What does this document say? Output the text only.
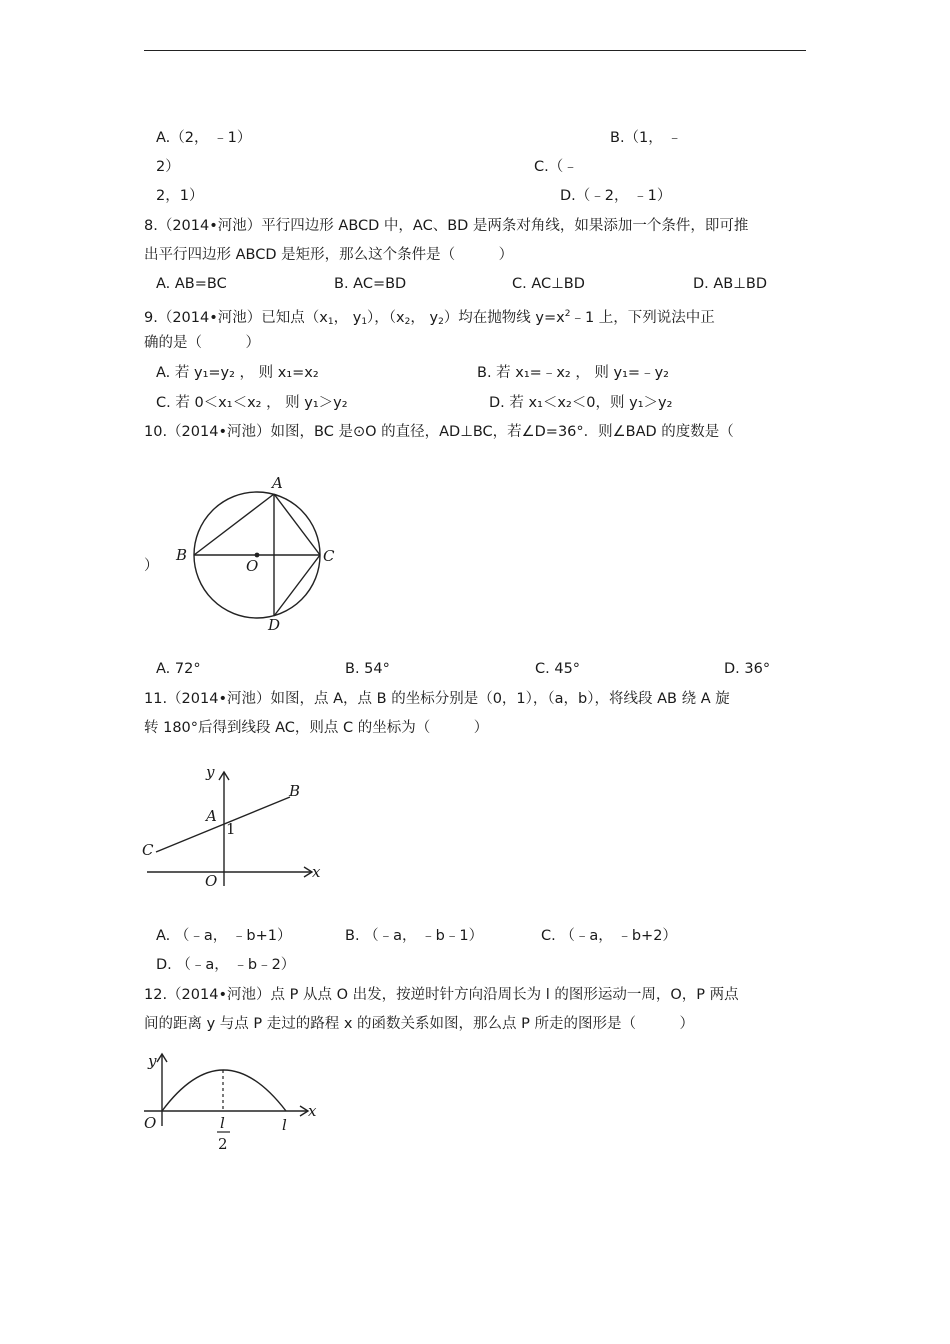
A.（2， ﹣1）	B.（1， ﹣
2）	C.（﹣
2，1）	D.（﹣2， ﹣1）
8.（2014•河池）平行四边形 ABCD 中，AC、BD 是两条对角线，如果添加一个条件，即可推
出平行四边形 ABCD 是矩形，那么这个条件是（　　　）
A. AB=BC	B. AC=BD	C. AC⊥BD	D. AB⊥BD
9.（2014•河池）已知点（$x_1$， $y_1$），（$x_2$， $y_2$）均在抛物线 $y=x^2﹣1$ 上，下列说法中正
确的是（　　　）
A. 若 y₁=y₂ ， 则 x₁=x₂	B. 若 x₁=﹣x₂ ， 则 y₁=﹣y₂
C. 若 0＜x₁＜x₂ ， 则 y₁＞y₂	D. 若 x₁＜x₂＜0，则 y₁＞y₂
10.（2014•河池）如图，BC 是⊙O 的直径，AD⊥BC，若∠D=36°．则∠BAD 的度数是（
）
A
B	C
D
O
A. 72°	B. 54°	C. 45°	D. 36°
11.（2014•河池）如图，点 A，点 B 的坐标分别是（0，1），（a，b），将线段 AB 绕 A 旋
转 180°后得到线段 AC，则点 C 的坐标为（　　　）
y
x
A
1
B
C
O
A. （﹣a， ﹣b+1）	B. （﹣a， ﹣b﹣1）	C. （﹣a， ﹣b+2）
D. （﹣a， ﹣b﹣2）
12.（2014•河池）点 P 从点 O 出发，按逆时针方向沿周长为 l 的图形运动一周，O，P 两点
间的距离 y 与点 P 走过的路程 x 的函数关系如图，那么点 P 所走的图形是（　　　）
y
x
O	l
l
2
